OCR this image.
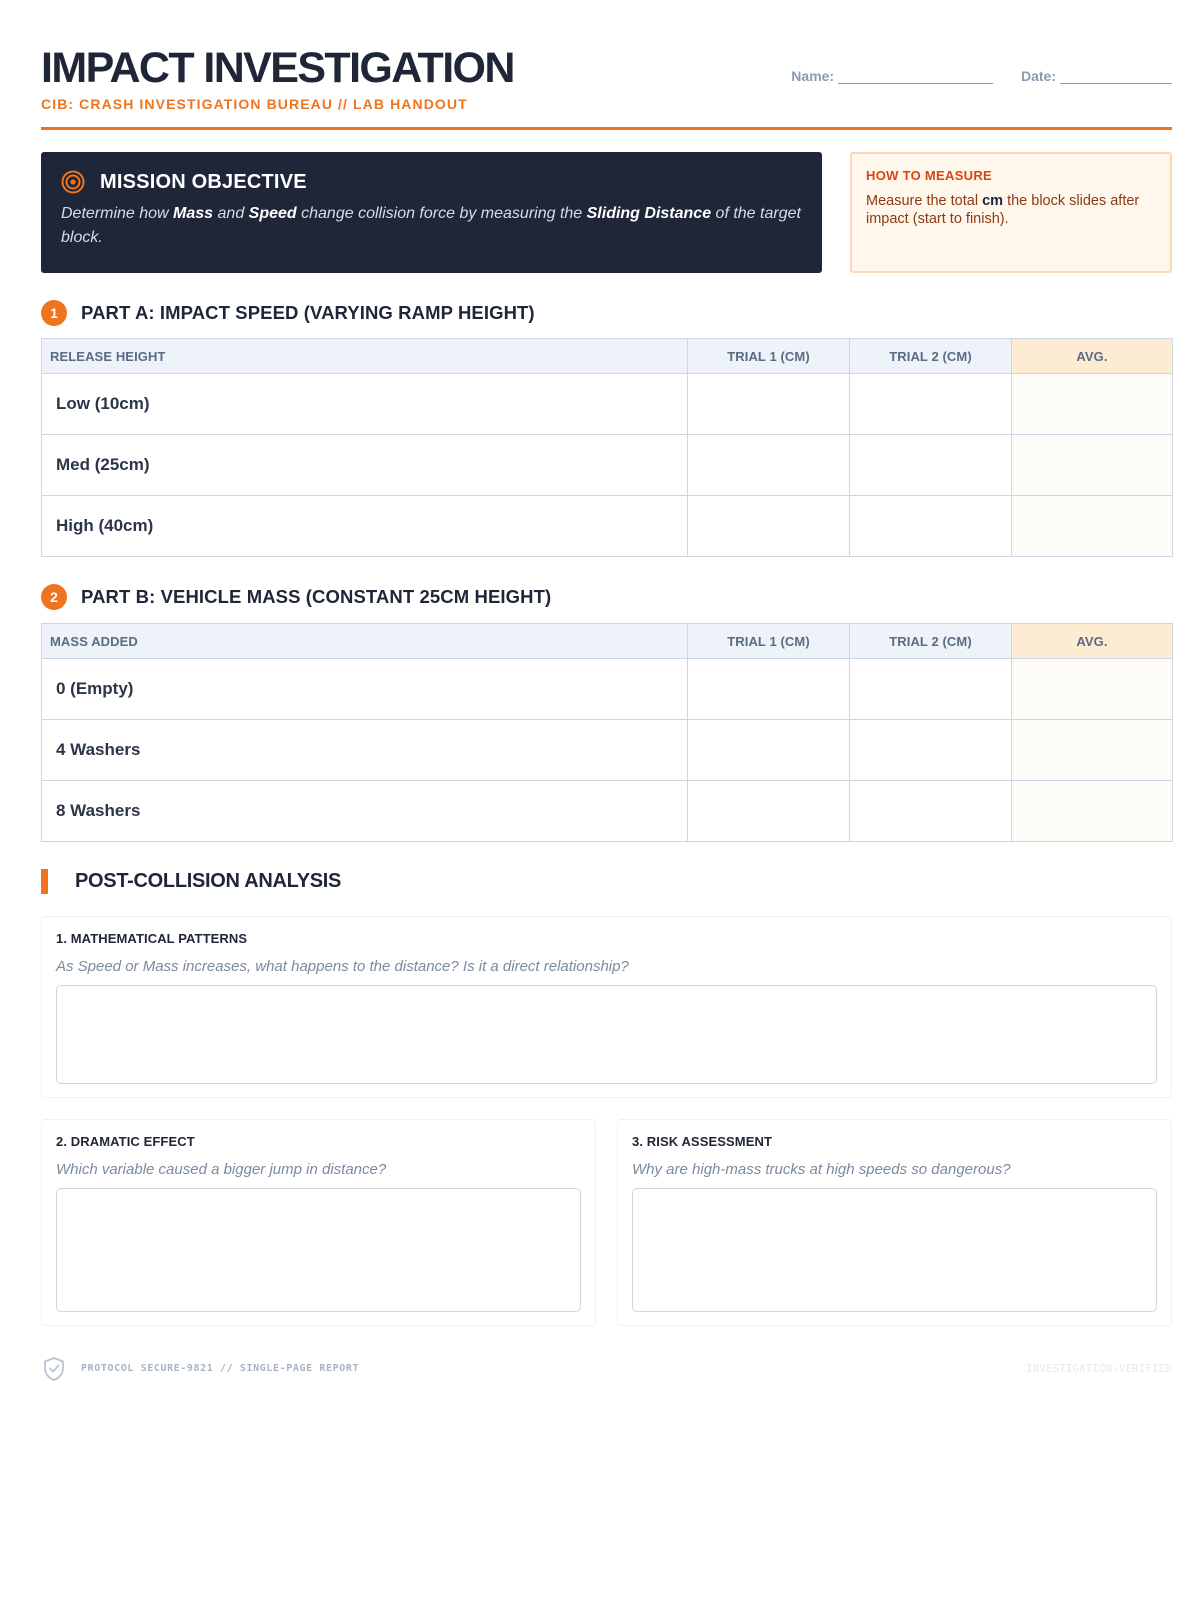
IMPACT INVESTIGATION
CIB: CRASH INVESTIGATION BUREAU // LAB HANDOUT
Name:	Date:
MISSION OBJECTIVE
Determine how Mass and Speed change collision force by measuring the Sliding Distance of the target block.
HOW TO MEASURE
Measure the total cm the block slides after impact (start to finish).
1	PART A: IMPACT SPEED (VARYING RAMP HEIGHT)
RELEASE HEIGHT	TRIAL 1 (CM)	TRIAL 2 (CM)	AVG.
Low (10cm)			
Med (25cm)			
High (40cm)			
2	PART B: VEHICLE MASS (CONSTANT 25CM HEIGHT)
MASS ADDED	TRIAL 1 (CM)	TRIAL 2 (CM)	AVG.
0 (Empty)			
4 Washers			
8 Washers			
POST-COLLISION ANALYSIS
1. MATHEMATICAL PATTERNS
As Speed or Mass increases, what happens to the distance? Is it a direct relationship?
2. DRAMATIC EFFECT
Which variable caused a bigger jump in distance?
3. RISK ASSESSMENT
Why are high-mass trucks at high speeds so dangerous?
PROTOCOL SECURE-9821 // SINGLE-PAGE REPORT	INVESTIGATION-VERIFIED
